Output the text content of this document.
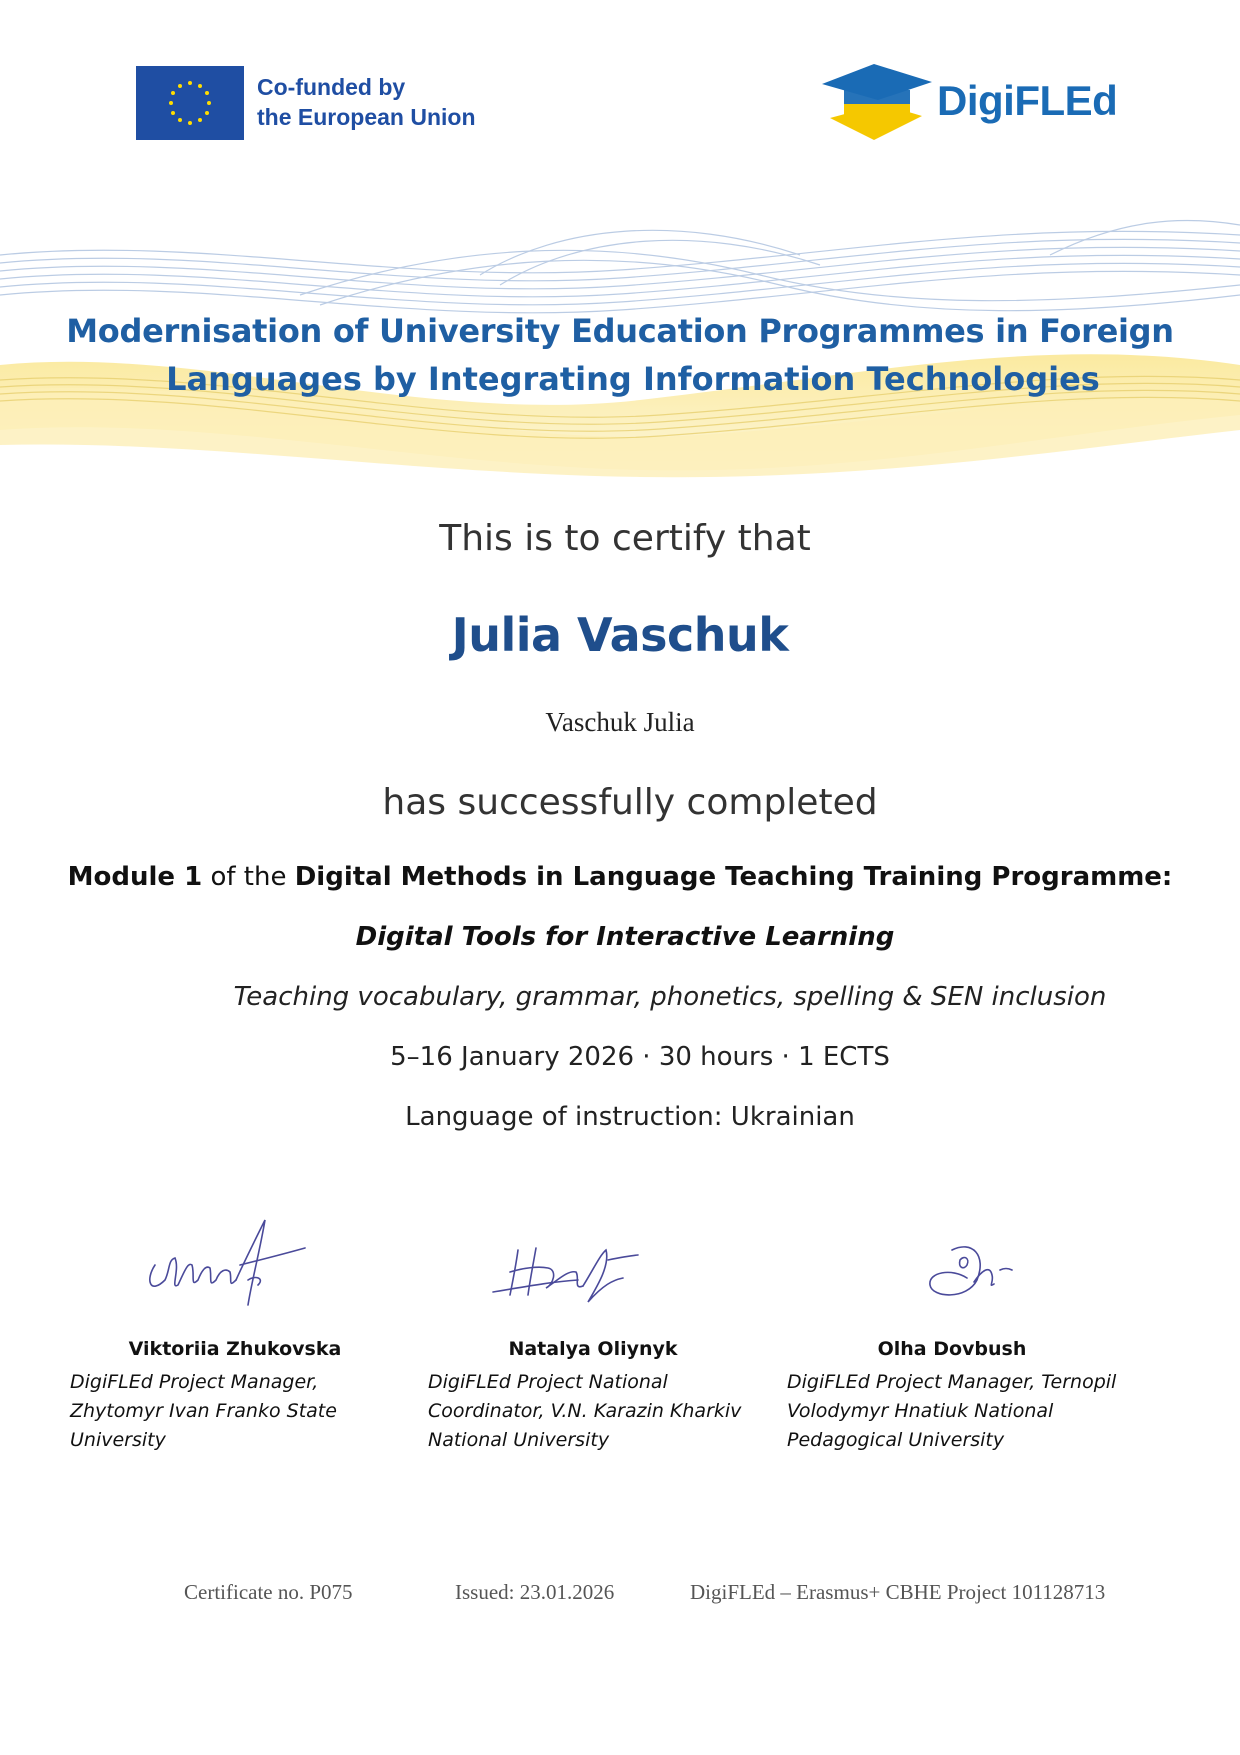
Co-funded by
the European Union	DigiFLEd
Modernisation of University Education Programmes in Foreign
Languages by Integrating Information Technologies
This is to certify that
Julia Vaschuk
Vaschuk Julia
has successfully completed
Module 1 of the Digital Methods in Language Teaching Training Programme:
Digital Tools for Interactive Learning
Teaching vocabulary, grammar, phonetics, spelling & SEN inclusion
5–16 January 2026 · 30 hours · 1 ECTS
Language of instruction: Ukrainian
Viktoriia Zhukovska
DigiFLEd Project Manager,
Zhytomyr Ivan Franko State
University
Natalya Oliynyk
DigiFLEd Project National
Coordinator, V.N. Karazin Kharkiv
National University
Olha Dovbush
DigiFLEd Project Manager, Ternopil
Volodymyr Hnatiuk National
Pedagogical University
Certificate no. P075	Issued: 23.01.2026	DigiFLEd – Erasmus+ CBHE Project 101128713
